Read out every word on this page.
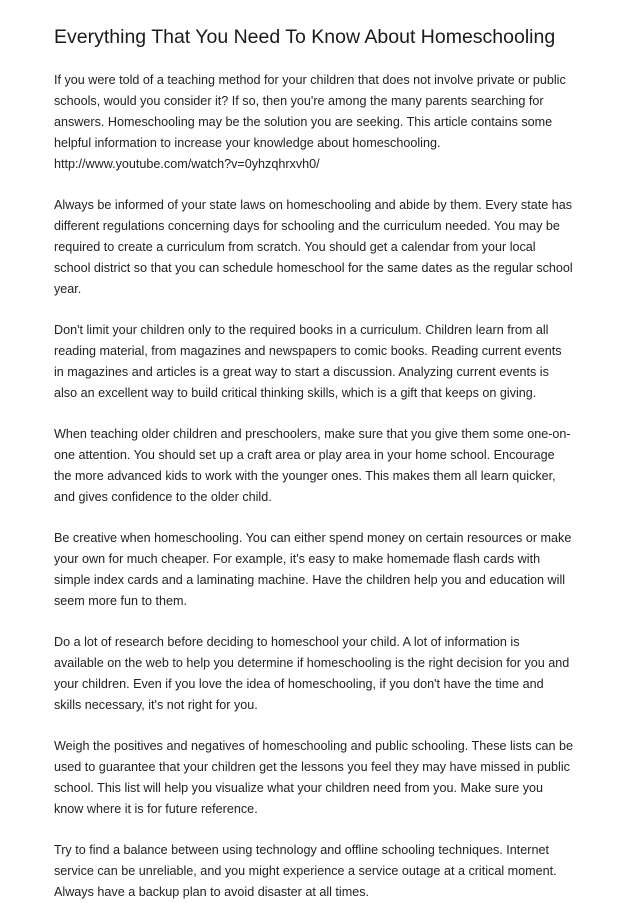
Everything That You Need To Know About Homeschooling

If you were told of a teaching method for your children that does not involve private or public
schools, would you consider it? If so, then you're among the many parents searching for
answers. Homeschooling may be the solution you are seeking. This article contains some
helpful information to increase your knowledge about homeschooling.
http://www.youtube.com/watch?v=0yhzqhrxvh0/

Always be informed of your state laws on homeschooling and abide by them. Every state has
different regulations concerning days for schooling and the curriculum needed. You may be
required to create a curriculum from scratch. You should get a calendar from your local
school district so that you can schedule homeschool for the same dates as the regular school
year.

Don't limit your children only to the required books in a curriculum. Children learn from all
reading material, from magazines and newspapers to comic books. Reading current events
in magazines and articles is a great way to start a discussion. Analyzing current events is
also an excellent way to build critical thinking skills, which is a gift that keeps on giving.

When teaching older children and preschoolers, make sure that you give them some one-on-
one attention. You should set up a craft area or play area in your home school. Encourage
the more advanced kids to work with the younger ones. This makes them all learn quicker,
and gives confidence to the older child.

Be creative when homeschooling. You can either spend money on certain resources or make
your own for much cheaper. For example, it's easy to make homemade flash cards with
simple index cards and a laminating machine. Have the children help you and education will
seem more fun to them.

Do a lot of research before deciding to homeschool your child. A lot of information is
available on the web to help you determine if homeschooling is the right decision for you and
your children. Even if you love the idea of homeschooling, if you don't have the time and
skills necessary, it's not right for you.

Weigh the positives and negatives of homeschooling and public schooling. These lists can be
used to guarantee that your children get the lessons you feel they may have missed in public
school. This list will help you visualize what your children need from you. Make sure you
know where it is for future reference.

Try to find a balance between using technology and offline schooling techniques. Internet
service can be unreliable, and you might experience a service outage at a critical moment.
Always have a backup plan to avoid disaster at all times.
